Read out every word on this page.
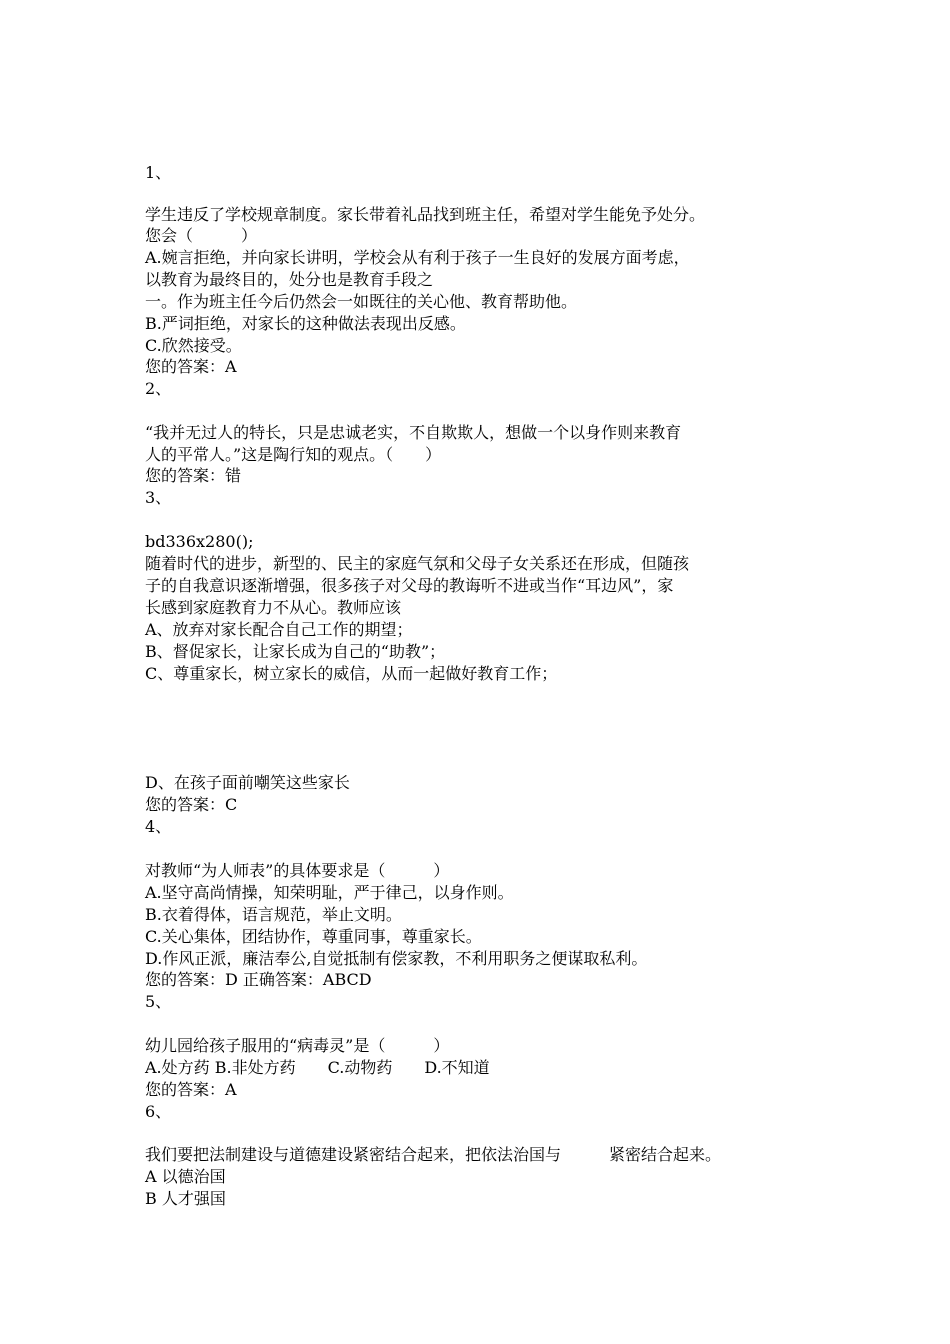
1、
学生违反了学校规章制度。家长带着礼品找到班主任，希望对学生能免予处分。
您会（　　　）
A.婉言拒绝，并向家长讲明，学校会从有利于孩子一生良好的发展方面考虑，
以教育为最终目的，处分也是教育手段之
一。作为班主任今后仍然会一如既往的关心他、教育帮助他。
B.严词拒绝，对家长的这种做法表现出反感。
C.欣然接受。
您的答案：A
2、
“我并无过人的特长，只是忠诚老实，不自欺欺人，想做一个以身作则来教育
人的平常人。”这是陶行知的观点。（　　）
您的答案：错
3、
bd336x280();
随着时代的进步，新型的、民主的家庭气氛和父母子女关系还在形成，但随孩
子的自我意识逐渐增强，很多孩子对父母的教诲听不进或当作“耳边风”，家
长感到家庭教育力不从心。教师应该
A、放弃对家长配合自己工作的期望；
B、督促家长，让家长成为自己的“助教”；
C、尊重家长，树立家长的威信，从而一起做好教育工作；
D、在孩子面前嘲笑这些家长
您的答案：C
4、
对教师“为人师表”的具体要求是（　　　）
A.坚守高尚情操，知荣明耻，严于律己，以身作则。
B.衣着得体，语言规范，举止文明。
C.关心集体，团结协作，尊重同事，尊重家长。
D.作风正派，廉洁奉公,自觉抵制有偿家教，不利用职务之便谋取私利。
您的答案：D 正确答案：ABCD
5、
幼儿园给孩子服用的“病毒灵”是（　　　）
A.处方药 B.非处方药　　C.动物药　　D.不知道
您的答案：A
6、
我们要把法制建设与道德建设紧密结合起来，把依法治国与　　　紧密结合起来。
A 以德治国
B 人才强国
